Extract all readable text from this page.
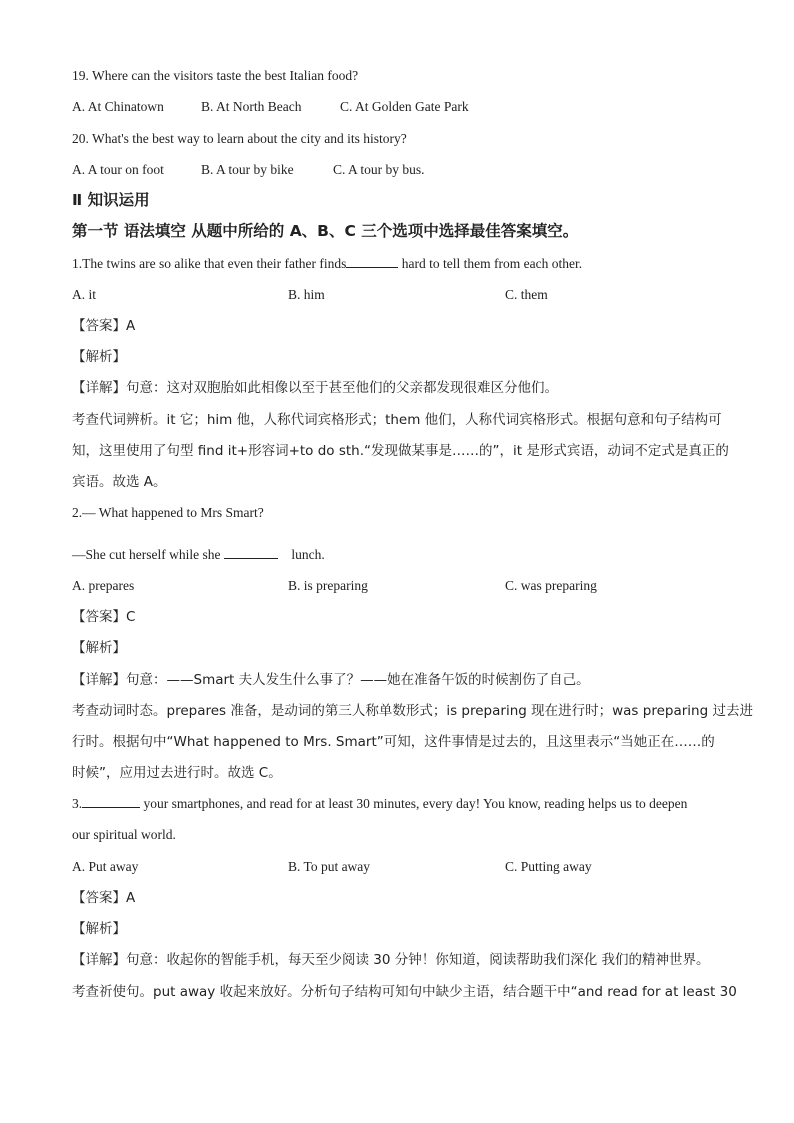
19. Where can the visitors taste the best Italian food?
A. At Chinatown	B. At North Beach	C. At Golden Gate Park
20. What's the best way to learn about the city and its history?
A. A tour on foot	B. A tour by bike	C. A tour by bus.
Ⅱ 知识运用
第一节 语法填空 从题中所给的 A、B、C 三个选项中选择最佳答案填空。
1.The twins are so alike that even their father finds	hard to tell them from each other.
A. it	B. him	C. them
【答案】A
【解析】
【详解】句意：这对双胞胎如此相像以至于甚至他们的父亲都发现很难区分他们。
考查代词辨析。it 它；him 他，人称代词宾格形式；them 他们，人称代词宾格形式。根据句意和句子结构可
知，这里使用了句型 find it+形容词+to do sth.“发现做某事是……的”，it 是形式宾语，动词不定式是真正的
宾语。故选 A。
2.— What happened to Mrs Smart?
—She cut herself while she	lunch.
A. prepares	B. is preparing	C. was preparing
【答案】C
【解析】
【详解】句意：——Smart 夫人发生什么事了？——她在准备午饭的时候割伤了自己。
考查动词时态。prepares 准备，是动词的第三人称单数形式；is preparing 现在进行时；was preparing 过去进
行时。根据句中“What happened to Mrs. Smart”可知，这件事情是过去的，且这里表示“当她正在……的
时候”，应用过去进行时。故选 C。
3.	your smartphones, and read for at least 30 minutes, every day! You know, reading helps us to deepen
our spiritual world.
A. Put away	B. To put away	C. Putting away
【答案】A
【解析】
【详解】句意：收起你的智能手机，每天至少阅读 30 分钟！你知道，阅读帮助我们深化 我们的精神世界。
考查祈使句。put away 收起来放好。分析句子结构可知句中缺少主语，结合题干中“and read for at least 30
